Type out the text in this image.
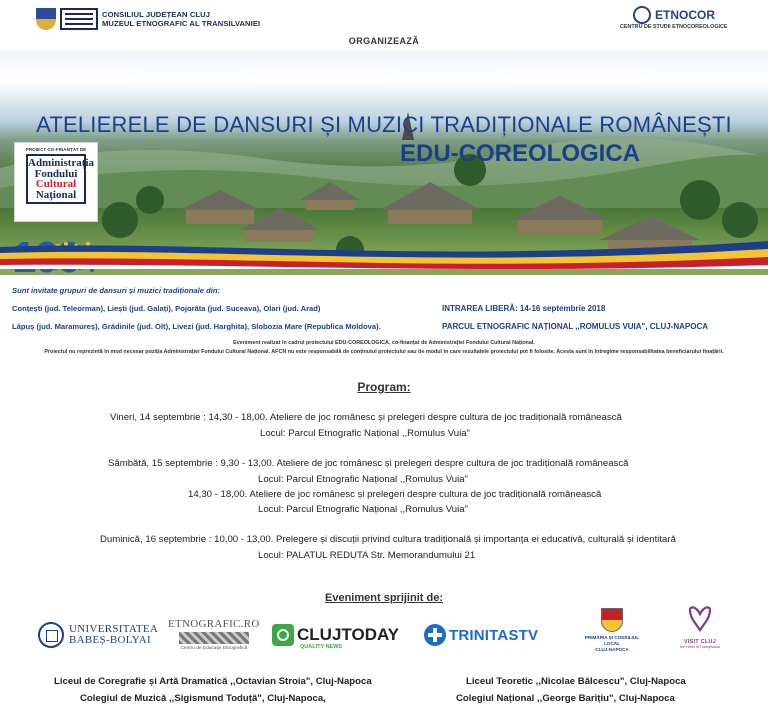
CONSILIUL JUDEȚEAN CLUJ
MUZEUL ETNOGRAFIC AL TRANSILVANIEI
ETNOCOR
CENTRU DE STUDII ETNOCOREOLOGICE
ORGANIZEAZĂ
ATELIERELE DE DANSURI ȘI MUZICI TRADIȚIONALE ROMÂNEȘTI
EDU-COREOLOGICA
PROIECT CO-FINANȚAT DE
Administrația
Fondului
Cultural
Național
Sunt invitate grupuri de dansuri și muzici tradiționale din:
Conțești (jud. Teleorman), Liești (jud. Galați), Pojorâta (jud. Suceava), Olari (jud. Arad)
Lăpuș (jud. Maramureș), Grădinile (jud. Olt), Livezi (jud. Harghita), Slobozia Mare (Republica Moldova).
INTRAREA LIBERĂ: 14-16 septembrie 2018
PARCUL ETNOGRAFIC NAȚIONAL ,,ROMULUS VUIA", CLUJ-NAPOCA
Eveniment realizat în cadrul proiectului EDU-COREOLOGICA, co-finanțat de Administrației Fondului Cultural Național.
Proiectul nu reprezintă în mod necesar poziția Administrației Fondului Cultural Național. AFCN nu este responsabilă de conținutul proiectului sau de modul în care rezultatele proiectului pot fi folosite. Acesta sunt în întregime responsabilitatea beneficiarului finațării.
Program:
Vineri, 14 septembrie : 14,30 - 18,00. Ateliere de joc românesc și prelegeri despre cultura de joc tradițională românească
Locul: Parcul Etnografic Național ,,Romulus Vuia"
Sâmbătă, 15 septembrie : 9,30 - 13,00. Ateliere de joc românesc și prelegeri despre cultura de joc tradițională românească
Locul: Parcul Etnografic Național ,,Romulus Vuia"
14,30 - 18,00. Ateliere de joc românesc și prelegeri despre cultura de joc tradițională românească
Locul: Parcul Etnografic Național ,,Romulus Vuia"
Duminică, 16 septembrie : 10,00 - 13,00. Prelegere și discuții privind cultura tradițională și importanța ei educativă, culturală și identitară
Locul: PALATUL REDUTA Str. Memorandumului 21
Eveniment sprijinit de:
UNIVERSITATEA
BABEȘ-BOLYAI
ETNOGRAFIC.RO
Centru de Educație Etnografică
CLUJTODAY
QUALITY NEWS
TRINITASTV	PRIMĂRIA ȘI CONSILIUL LOCAL
CLUJ-NAPOCA
VISIT CLUJ
the Heart of Transylvania
Liceul de Coregrafie și Artă Dramatică ,,Octavian Stroia", Cluj-Napoca
Colegiul de Muzică ,,Sigismund Toduță", Cluj-Napoca,
Liceul Teoretic ,,Nicolae Bălcescu", Cluj-Napoca
Colegiul Național ,,George Barițiu", Cluj-Napoca
